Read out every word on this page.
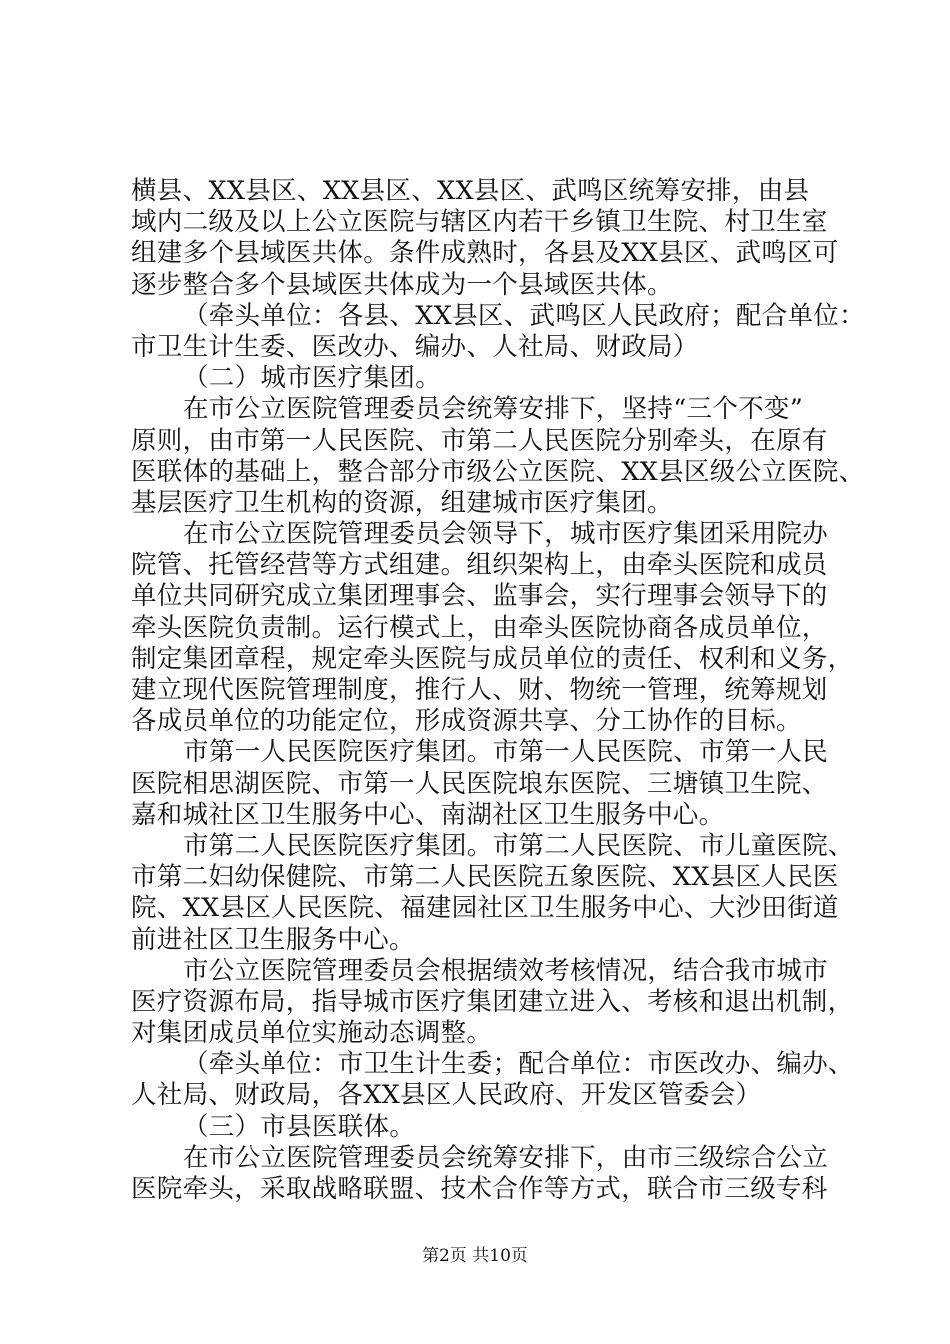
横县、XX县区、XX县区、XX县区、武鸣区统筹安排，由县
域内二级及以上公立医院与辖区内若干乡镇卫生院、村卫生室
组建多个县域医共体。条件成熟时，各县及XX县区、武鸣区可
逐步整合多个县域医共体成为一个县域医共体。
（牵头单位：各县、XX县区、武鸣区人民政府；配合单位：
市卫生计生委、医改办、编办、人社局、财政局）
（二）城市医疗集团。
在市公立医院管理委员会统筹安排下，坚持“三个不变”
原则，由市第一人民医院、市第二人民医院分别牵头，在原有
医联体的基础上，整合部分市级公立医院、XX县区级公立医院、
基层医疗卫生机构的资源，组建城市医疗集团。
在市公立医院管理委员会领导下，城市医疗集团采用院办
院管、托管经营等方式组建。组织架构上，由牵头医院和成员
单位共同研究成立集团理事会、监事会，实行理事会领导下的
牵头医院负责制。运行模式上，由牵头医院协商各成员单位，
制定集团章程，规定牵头医院与成员单位的责任、权利和义务，
建立现代医院管理制度，推行人、财、物统一管理，统筹规划
各成员单位的功能定位，形成资源共享、分工协作的目标。
市第一人民医院医疗集团。市第一人民医院、市第一人民
医院相思湖医院、市第一人民医院埌东医院、三塘镇卫生院、
嘉和城社区卫生服务中心、南湖社区卫生服务中心。
市第二人民医院医疗集团。市第二人民医院、市儿童医院、
市第二妇幼保健院、市第二人民医院五象医院、XX县区人民医
院、XX县区人民医院、福建园社区卫生服务中心、大沙田街道
前进社区卫生服务中心。
市公立医院管理委员会根据绩效考核情况，结合我市城市
医疗资源布局，指导城市医疗集团建立进入、考核和退出机制，
对集团成员单位实施动态调整。
（牵头单位：市卫生计生委；配合单位：市医改办、编办、
人社局、财政局，各XX县区人民政府、开发区管委会）
（三）市县医联体。
在市公立医院管理委员会统筹安排下，由市三级综合公立
医院牵头，采取战略联盟、技术合作等方式，联合市三级专科
第2页 共10页
